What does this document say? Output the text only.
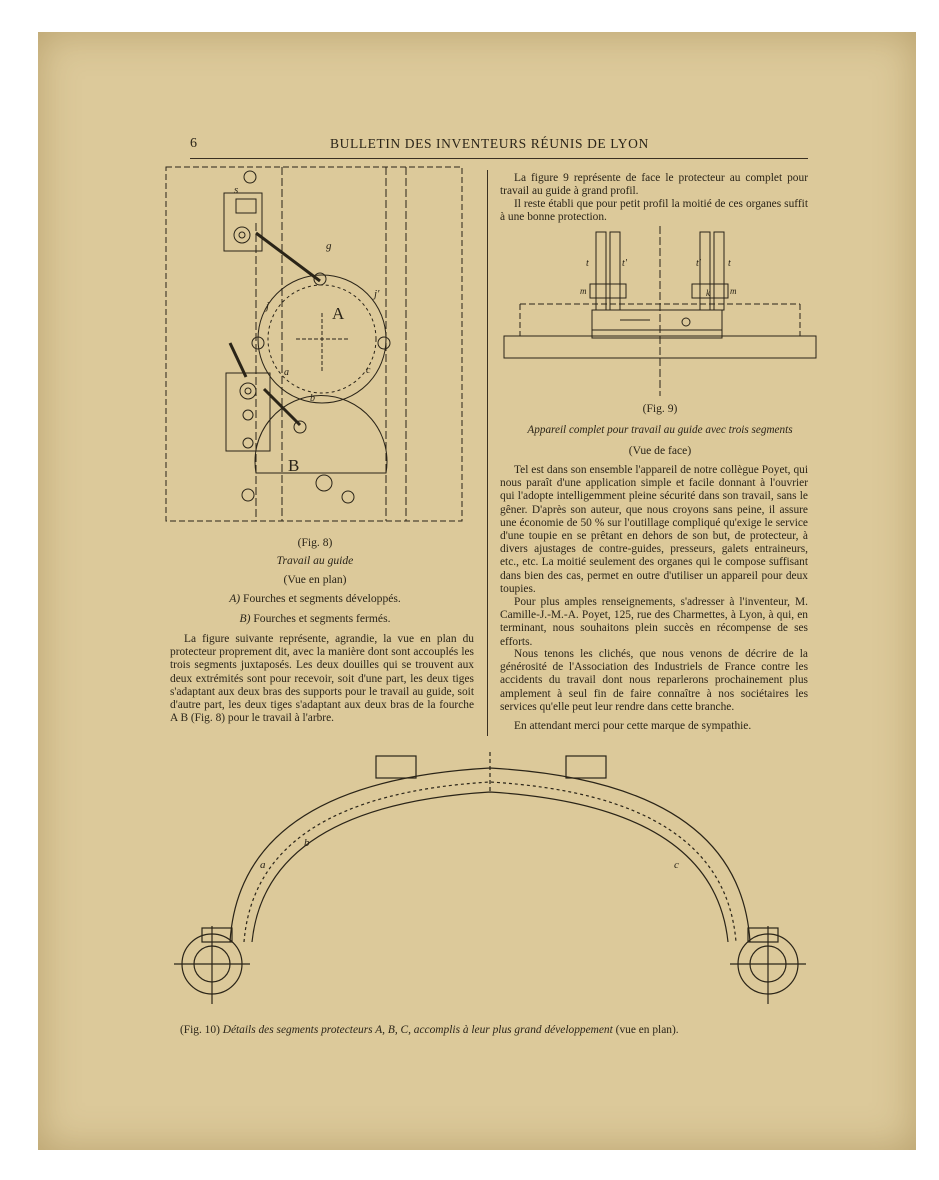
6	BULLETIN DES INVENTEURS RÉUNIS DE LYON
s
g
j
j'
A
a
b
c
B
(Fig. 8)
Travail au guide
(Vue en plan)
A) Fourches et segments développés.
B) Fourches et segments fermés.
La figure suivante représente, agrandie, la vue en plan du protecteur proprement dit, avec la manière dont sont accouplés les trois segments juxtaposés. Les deux douilles qui se trouvent aux deux extrémités sont pour recevoir, soit d'une part, les deux tiges s'adaptant aux deux bras des supports pour le travail au guide, soit d'autre part, les deux tiges s'adaptant aux deux bras de la fourche A B (Fig. 8) pour le travail à l'arbre.
La figure 9 représente de face le protecteur au complet pour travail au guide à grand profil.
Il reste établi que pour petit profil la moitié de ces organes suffit à une bonne protection.
t	t'	t'	t
m	m
k
(Fig. 9)
Appareil complet pour travail au guide avec trois segments
(Vue de face)
Tel est dans son ensemble l'appareil de notre collègue Poyet, qui nous paraît d'une application simple et facile donnant à l'ouvrier qui l'adopte intelligemment pleine sécurité dans son travail, sans le gêner. D'après son auteur, que nous croyons sans peine, il assure une économie de 50 % sur l'outillage compliqué qu'exige le service d'une toupie en se prêtant en dehors de son but, de protecteur, à divers ajustages de contre-guides, presseurs, galets entraineurs, etc., etc. La moitié seulement des organes qui le compose suffisant dans bien des cas, permet en outre d'utiliser un appareil pour deux toupies.
Pour plus amples renseignements, s'adresser à l'inventeur, M. Camille-J.-M.-A. Poyet, 125, rue des Charmettes, à Lyon, à qui, en terminant, nous souhaitons plein succès en récompense de ses efforts.
Nous tenons les clichés, que nous venons de décrire de la générosité de l'Association des Industriels de France contre les accidents du travail dont nous reparlerons prochainement plus amplement à seul fin de faire connaître à nos sociétaires les services qu'elle peut leur rendre dans cette branche.
En attendant merci pour cette marque de sympathie.
a
b
c
(Fig. 10) Détails des segments protecteurs A, B, C, accomplis à leur plus grand développement (vue en plan).
